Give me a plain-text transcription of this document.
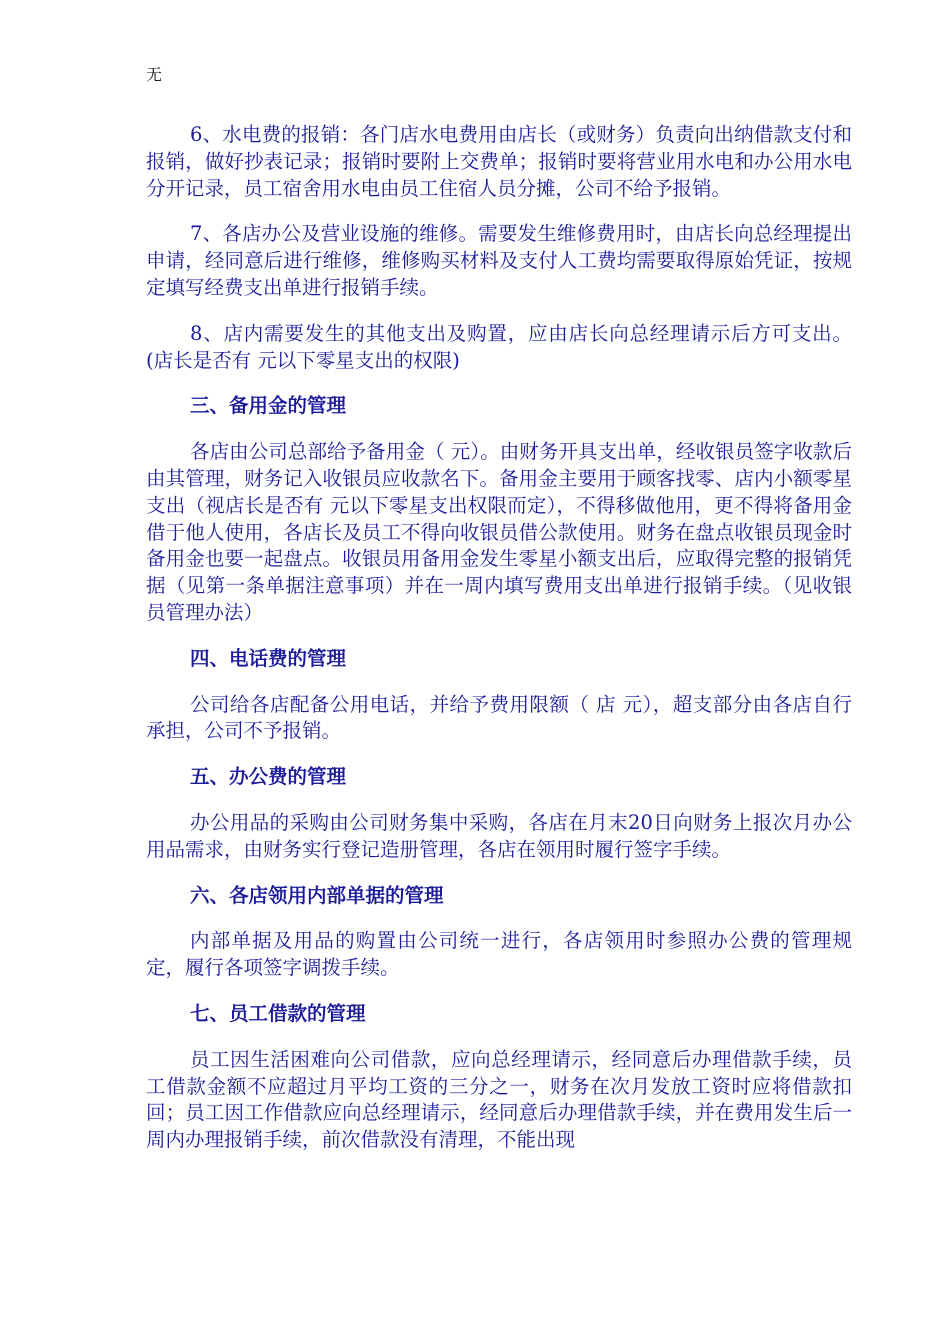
无

6、水电费的报销：各门店水电费用由店长（或财务）负责向出纳借款支付和报销，做好抄表记录；报销时要附上交费单；报销时要将营业用水电和办公用水电分开记录，员工宿舍用水电由员工住宿人员分摊，公司不给予报销。

7、各店办公及营业设施的维修。需要发生维修费用时，由店长向总经理提出申请，经同意后进行维修，维修购买材料及支付人工费均需要取得原始凭证，按规定填写经费支出单进行报销手续。

8、店内需要发生的其他支出及购置，应由店长向总经理请示后方可支出。(店长是否有 元以下零星支出的权限)

三、备用金的管理

各店由公司总部给予备用金（ 元）。由财务开具支出单，经收银员签字收款后由其管理，财务记入收银员应收款名下。备用金主要用于顾客找零、店内小额零星支出（视店长是否有 元以下零星支出权限而定），不得移做他用，更不得将备用金借于他人使用，各店长及员工不得向收银员借公款使用。财务在盘点收银员现金时备用金也要一起盘点。收银员用备用金发生零星小额支出后，应取得完整的报销凭据（见第一条单据注意事项）并在一周内填写费用支出单进行报销手续。（见收银员管理办法）

四、电话费的管理

公司给各店配备公用电话，并给予费用限额（ 店 元），超支部分由各店自行承担，公司不予报销。

五、办公费的管理

办公用品的采购由公司财务集中采购，各店在月末20日向财务上报次月办公用品需求，由财务实行登记造册管理，各店在领用时履行签字手续。

六、各店领用内部单据的管理

内部单据及用品的购置由公司统一进行，各店领用时参照办公费的管理规定，履行各项签字调拨手续。

七、员工借款的管理

员工因生活困难向公司借款，应向总经理请示，经同意后办理借款手续，员工借款金额不应超过月平均工资的三分之一，财务在次月发放工资时应将借款扣回；员工因工作借款应向总经理请示，经同意后办理借款手续，并在费用发生后一周内办理报销手续，前次借款没有清理，不能出现
